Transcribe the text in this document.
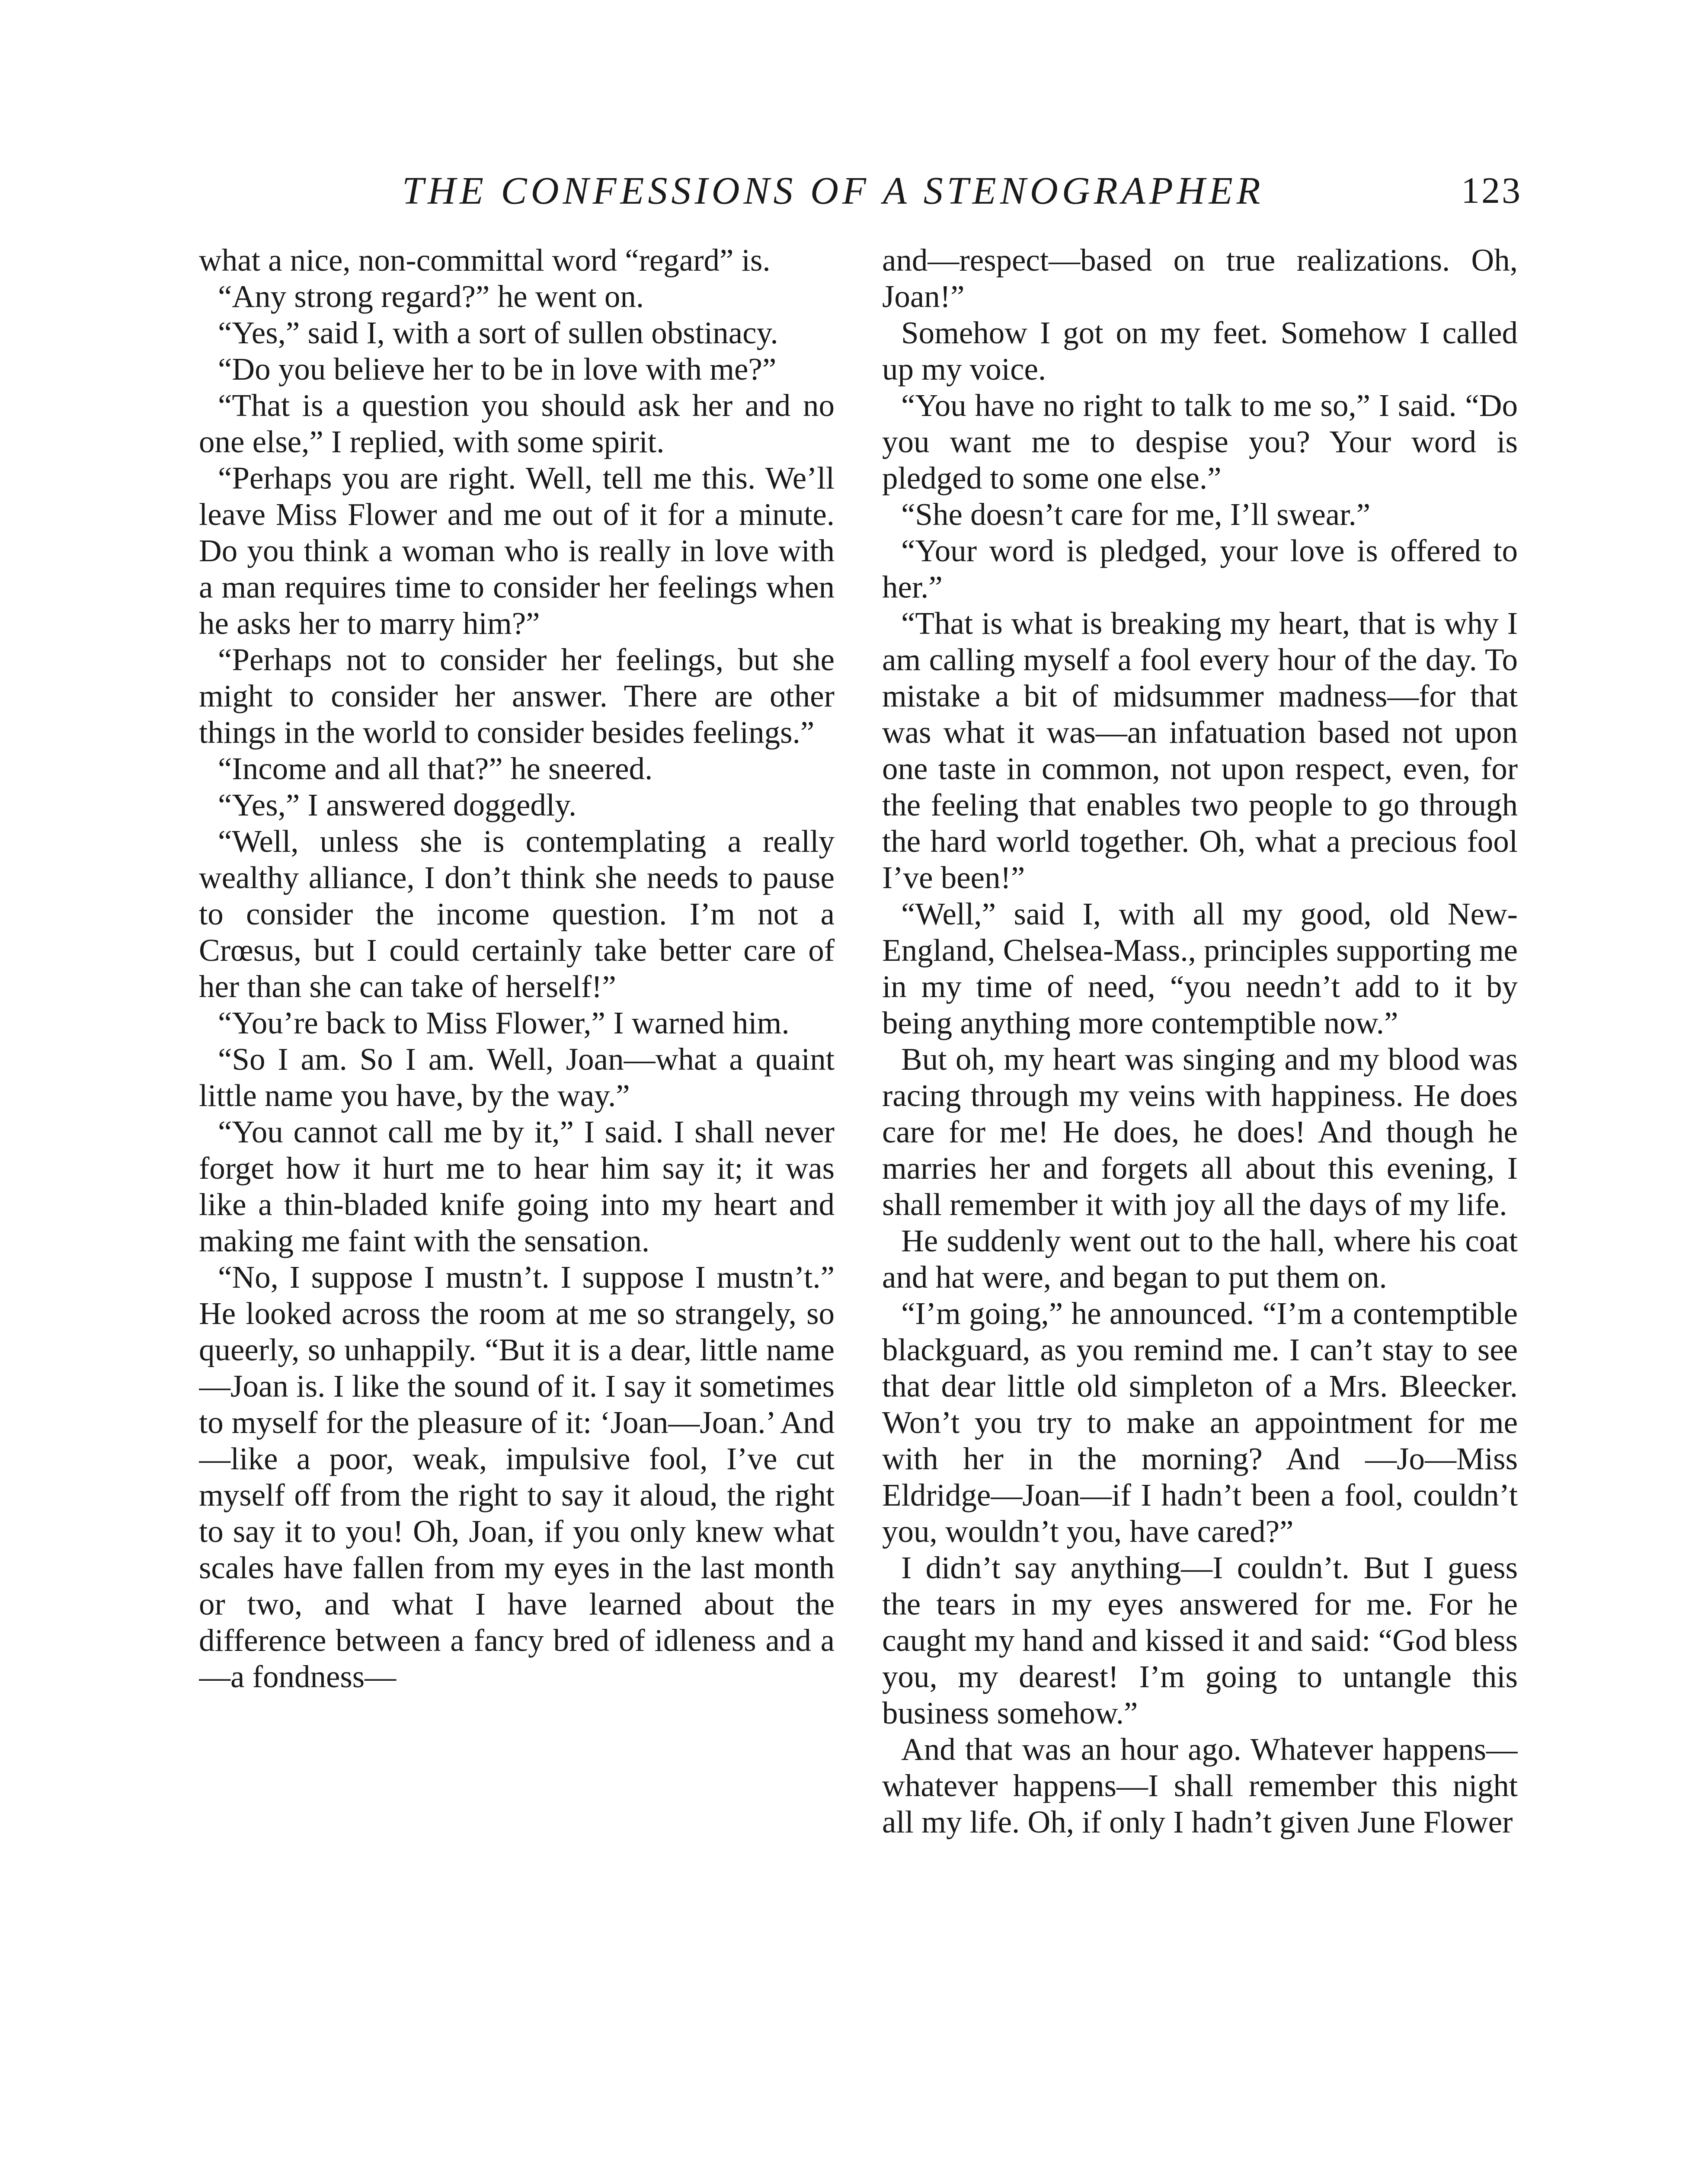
THE CONFESSIONS OF A STENOGRAPHER	123

what a nice, non-committal word “regard” is.

“Any strong regard?” he went on.

“Yes,” said I, with a sort of sullen obstinacy.

“Do you believe her to be in love with me?”

“That is a question you should ask her and no one else,” I replied, with some spirit.

“Perhaps you are right. Well, tell me this. We’ll leave Miss Flower and me out of it for a minute. Do you think a woman who is really in love with a man requires time to consider her feelings when he asks her to marry him?”

“Perhaps not to consider her feelings, but she might to consider her answer. There are other things in the world to consider besides feelings.”

“Income and all that?” he sneered.

“Yes,” I answered doggedly.

“Well, unless she is contemplating a really wealthy alliance, I don’t think she needs to pause to consider the income question. I’m not a Crœsus, but I could certainly take better care of her than she can take of herself!”

“You’re back to Miss Flower,” I warned him.

“So I am. So I am. Well, Joan—what a quaint little name you have, by the way.”

“You cannot call me by it,” I said. I shall never forget how it hurt me to hear him say it; it was like a thin-bladed knife going into my heart and making me faint with the sensation.

“No, I suppose I mustn’t. I suppose I mustn’t.” He looked across the room at me so strangely, so queerly, so unhappily. “But it is a dear, little name —Joan is. I like the sound of it. I say it sometimes to myself for the pleasure of it: ‘Joan—Joan.’ And—like a poor, weak, impulsive fool, I’ve cut myself off from the right to say it aloud, the right to say it to you! Oh, Joan, if you only knew what scales have fallen from my eyes in the last month or two, and what I have learned about the difference between a fancy bred of idleness and a—a fondness—

and—respect—based on true realizations. Oh, Joan!”

Somehow I got on my feet. Somehow I called up my voice.

“You have no right to talk to me so,” I said. “Do you want me to despise you? Your word is pledged to some one else.”

“She doesn’t care for me, I’ll swear.”

“Your word is pledged, your love is offered to her.”

“That is what is breaking my heart, that is why I am calling myself a fool every hour of the day. To mistake a bit of midsummer madness—for that was what it was—an infatuation based not upon one taste in common, not upon respect, even, for the feeling that enables two people to go through the hard world together. Oh, what a precious fool I’ve been!”

“Well,” said I, with all my good, old New-England, Chelsea-Mass., principles supporting me in my time of need, “you needn’t add to it by being anything more contemptible now.”

But oh, my heart was singing and my blood was racing through my veins with happiness. He does care for me! He does, he does! And though he marries her and forgets all about this evening, I shall remember it with joy all the days of my life.

He suddenly went out to the hall, where his coat and hat were, and began to put them on.

“I’m going,” he announced. “I’m a contemptible blackguard, as you remind me. I can’t stay to see that dear little old simpleton of a Mrs. Bleecker. Won’t you try to make an appointment for me with her in the morning? And —Jo—Miss Eldridge—Joan—if I hadn’t been a fool, couldn’t you, wouldn’t you, have cared?”

I didn’t say anything—I couldn’t. But I guess the tears in my eyes answered for me. For he caught my hand and kissed it and said: “God bless you, my dearest! I’m going to untangle this business somehow.”

And that was an hour ago. Whatever happens—whatever happens—I shall remember this night all my life. Oh, if only I hadn’t given June Flower
